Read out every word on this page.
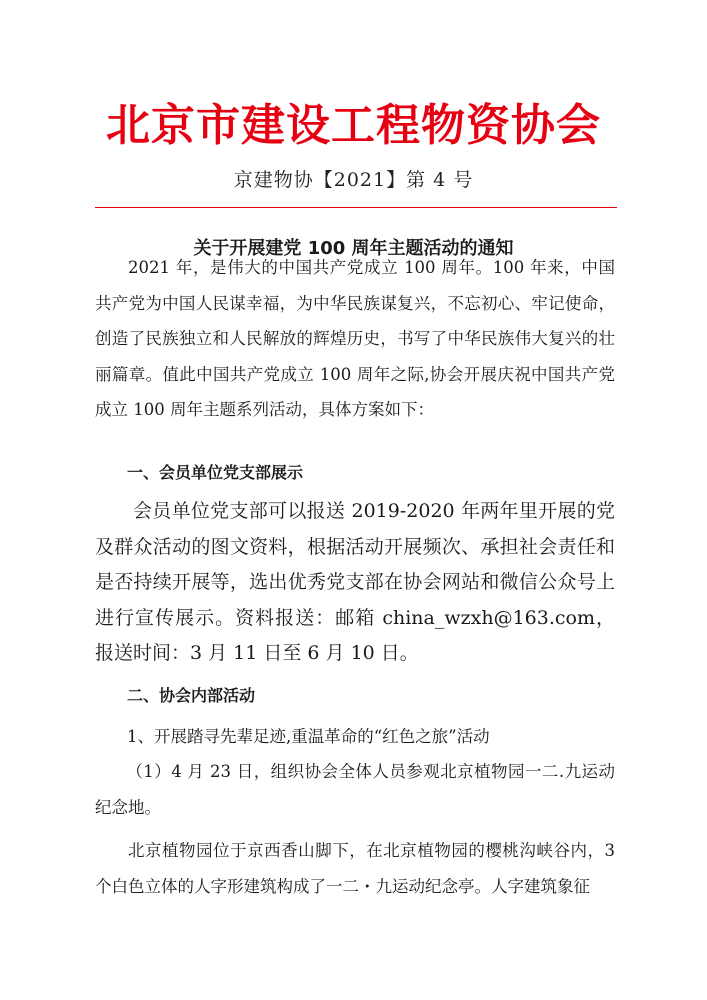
北京市建设工程物资协会
京建物协【2021】第 4 号
关于开展建党 100 周年主题活动的通知

2021 年，是伟大的中国共产党成立 100 周年。100 年来，中国共产党为中国人民谋幸福，为中华民族谋复兴，不忘初心、牢记使命，创造了民族独立和人民解放的辉煌历史，书写了中华民族伟大复兴的壮丽篇章。值此中国共产党成立 100 周年之际,协会开展庆祝中国共产党成立 100 周年主题系列活动，具体方案如下：

一、会员单位党支部展示

会员单位党支部可以报送 2019-2020 年两年里开展的党及群众活动的图文资料，根据活动开展频次、承担社会责任和是否持续开展等，选出优秀党支部在协会网站和微信公众号上进行宣传展示。资料报送：邮箱 china_wzxh@163.com，报送时间：3 月 11 日至 6 月 10 日。

二、协会内部活动
1、开展踏寻先辈足迹,重温革命的“红色之旅”活动

（1）4 月 23 日，组织协会全体人员参观北京植物园一二.九运动纪念地。

北京植物园位于京西香山脚下，在北京植物园的樱桃沟峡谷内，3 个白色立体的人字形建筑构成了一二・九运动纪念亭。人字建筑象征
